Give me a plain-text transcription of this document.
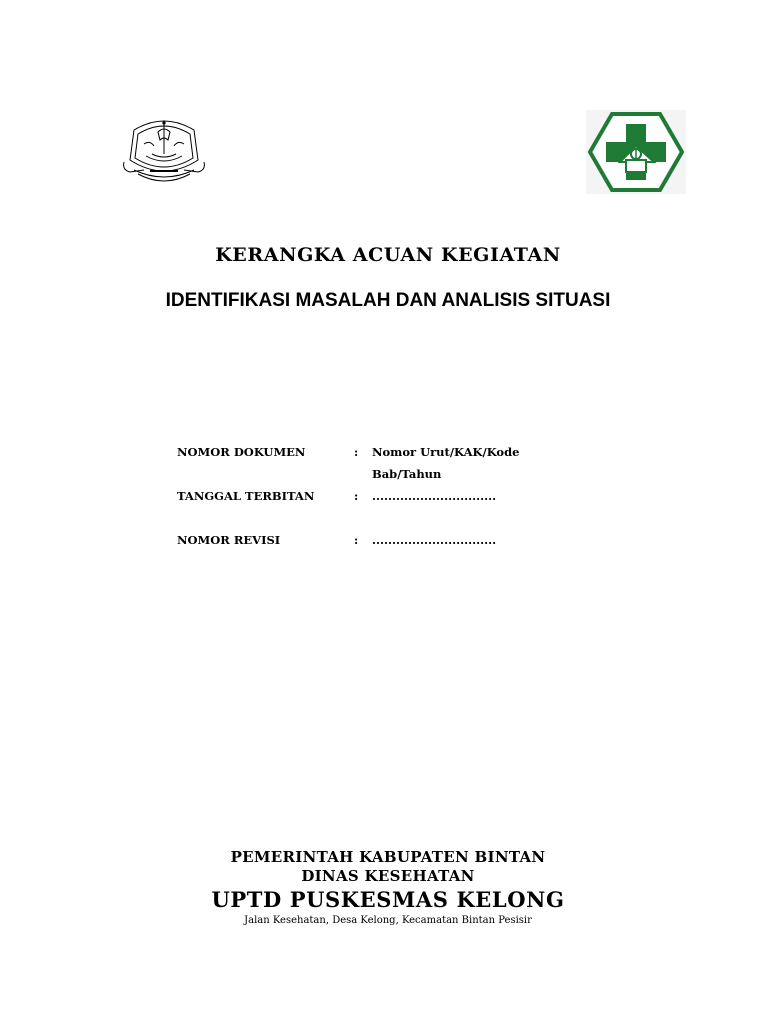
KERANGKA ACUAN KEGIATAN
IDENTIFIKASI MASALAH DAN ANALISIS SITUASI
NOMOR DOKUMEN	: Nomor Urut/KAK/Kode Bab/Tahun
TANGGAL TERBITAN	: ...............................
NOMOR REVISI	: ...............................
PEMERINTAH KABUPATEN BINTAN
DINAS KESEHATAN
UPTD PUSKESMAS KELONG
Jalan Kesehatan, Desa Kelong, Kecamatan Bintan Pesisir
